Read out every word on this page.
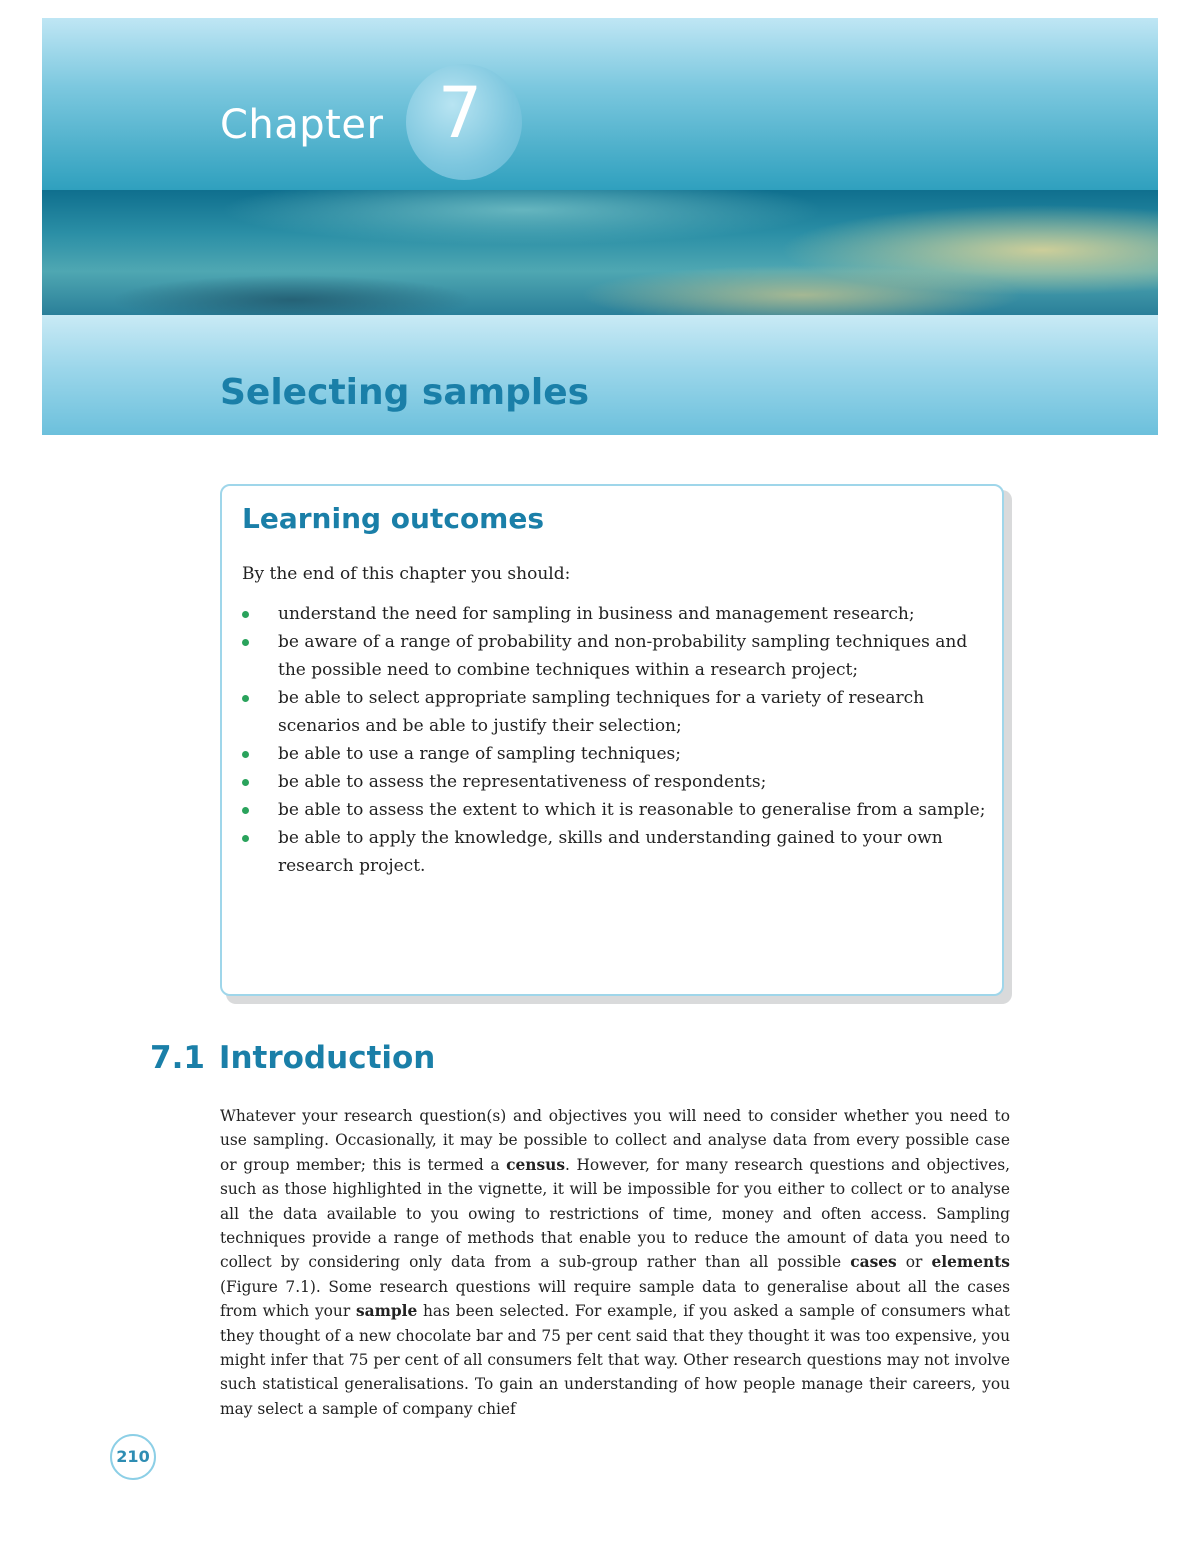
Chapter 7
Selecting samples
Learning outcomes
By the end of this chapter you should:
understand the need for sampling in business and management research;
be aware of a range of probability and non-probability sampling techniques and the possible need to combine techniques within a research project;
be able to select appropriate sampling techniques for a variety of research scenarios and be able to justify their selection;
be able to use a range of sampling techniques;
be able to assess the representativeness of respondents;
be able to assess the extent to which it is reasonable to generalise from a sample;
be able to apply the knowledge, skills and understanding gained to your own research project.
7.1 Introduction

Whatever your research question(s) and objectives you will need to consider whether you need to use sampling. Occasionally, it may be possible to collect and analyse data from every possible case or group member; this is termed a census. However, for many research questions and objectives, such as those highlighted in the vignette, it will be impossible for you either to collect or to analyse all the data available to you owing to restrictions of time, money and often access. Sampling techniques provide a range of methods that enable you to reduce the amount of data you need to collect by considering only data from a sub-group rather than all possible cases or elements (Figure 7.1). Some research questions will require sample data to generalise about all the cases from which your sample has been selected. For example, if you asked a sample of consumers what they thought of a new chocolate bar and 75 per cent said that they thought it was too expensive, you might infer that 75 per cent of all consumers felt that way. Other research questions may not involve such statistical generalisations. To gain an understanding of how people manage their careers, you may select a sample of company chief

210
